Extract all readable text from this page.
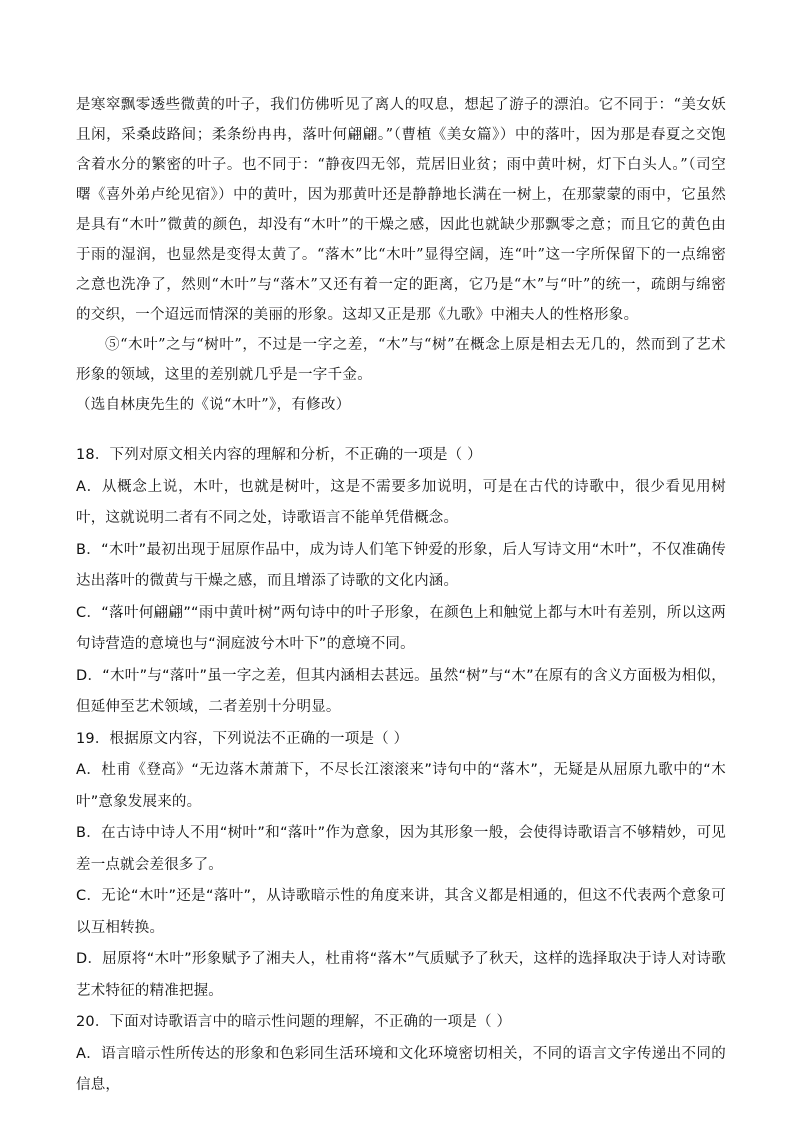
是寒窣飘零透些微黄的叶子，我们仿佛听见了离人的叹息，想起了游子的漂泊。它不同于：“美女妖且闲，采桑歧路间；柔条纷冉冉，落叶何翩翩。”（曹植《美女篇》）中的落叶，因为那是春夏之交饱含着水分的繁密的叶子。也不同于：“静夜四无邻，荒居旧业贫；雨中黄叶树，灯下白头人。”（司空曙《喜外弟卢纶见宿》）中的黄叶，因为那黄叶还是静静地长满在一树上，在那蒙蒙的雨中，它虽然是具有“木叶”微黄的颜色，却没有“木叶”的干燥之感，因此也就缺少那飘零之意；而且它的黄色由于雨的湿润，也显然是变得太黄了。“落木”比“木叶”显得空阔，连“叶”这一字所保留下的一点绵密之意也洗净了，然则“木叶”与“落木”又还有着一定的距离，它乃是“木”与“叶”的统一，疏朗与绵密的交织，一个迢远而情深的美丽的形象。这却又正是那《九歌》中湘夫人的性格形象。

⑤“木叶”之与“树叶”，不过是一字之差，“木”与“树”在概念上原是相去无几的，然而到了艺术形象的领域，这里的差别就几乎是一字千金。

（选自林庚先生的《说“木叶”》，有修改）

18．下列对原文相关内容的理解和分析，不正确的一项是（ ）

A．从概念上说，木叶，也就是树叶，这是不需要多加说明，可是在古代的诗歌中，很少看见用树叶，这就说明二者有不同之处，诗歌语言不能单凭借概念。

B．“木叶”最初出现于屈原作品中，成为诗人们笔下钟爱的形象，后人写诗文用“木叶”，不仅准确传达出落叶的微黄与干燥之感，而且增添了诗歌的文化内涵。

C．“落叶何翩翩”“雨中黄叶树”两句诗中的叶子形象，在颜色上和触觉上都与木叶有差别，所以这两句诗营造的意境也与“洞庭波兮木叶下”的意境不同。

D．“木叶”与“落叶”虽一字之差，但其内涵相去甚远。虽然“树”与“木”在原有的含义方面极为相似，但延伸至艺术领域，二者差别十分明显。

19．根据原文内容，下列说法不正确的一项是（ ）

A．杜甫《登高》“无边落木萧萧下，不尽长江滚滚来”诗句中的“落木”，无疑是从屈原九歌中的“木叶”意象发展来的。

B．在古诗中诗人不用“树叶”和“落叶”作为意象，因为其形象一般，会使得诗歌语言不够精妙，可见差一点就会差很多了。

C．无论“木叶”还是“落叶”，从诗歌暗示性的角度来讲，其含义都是相通的，但这不代表两个意象可以互相转换。

D．屈原将“木叶”形象赋予了湘夫人，杜甫将“落木”气质赋予了秋天，这样的选择取决于诗人对诗歌艺术特征的精准把握。

20．下面对诗歌语言中的暗示性问题的理解，不正确的一项是（ ）

A．语言暗示性所传达的形象和色彩同生活环境和文化环境密切相关，不同的语言文字传递出不同的信息，
